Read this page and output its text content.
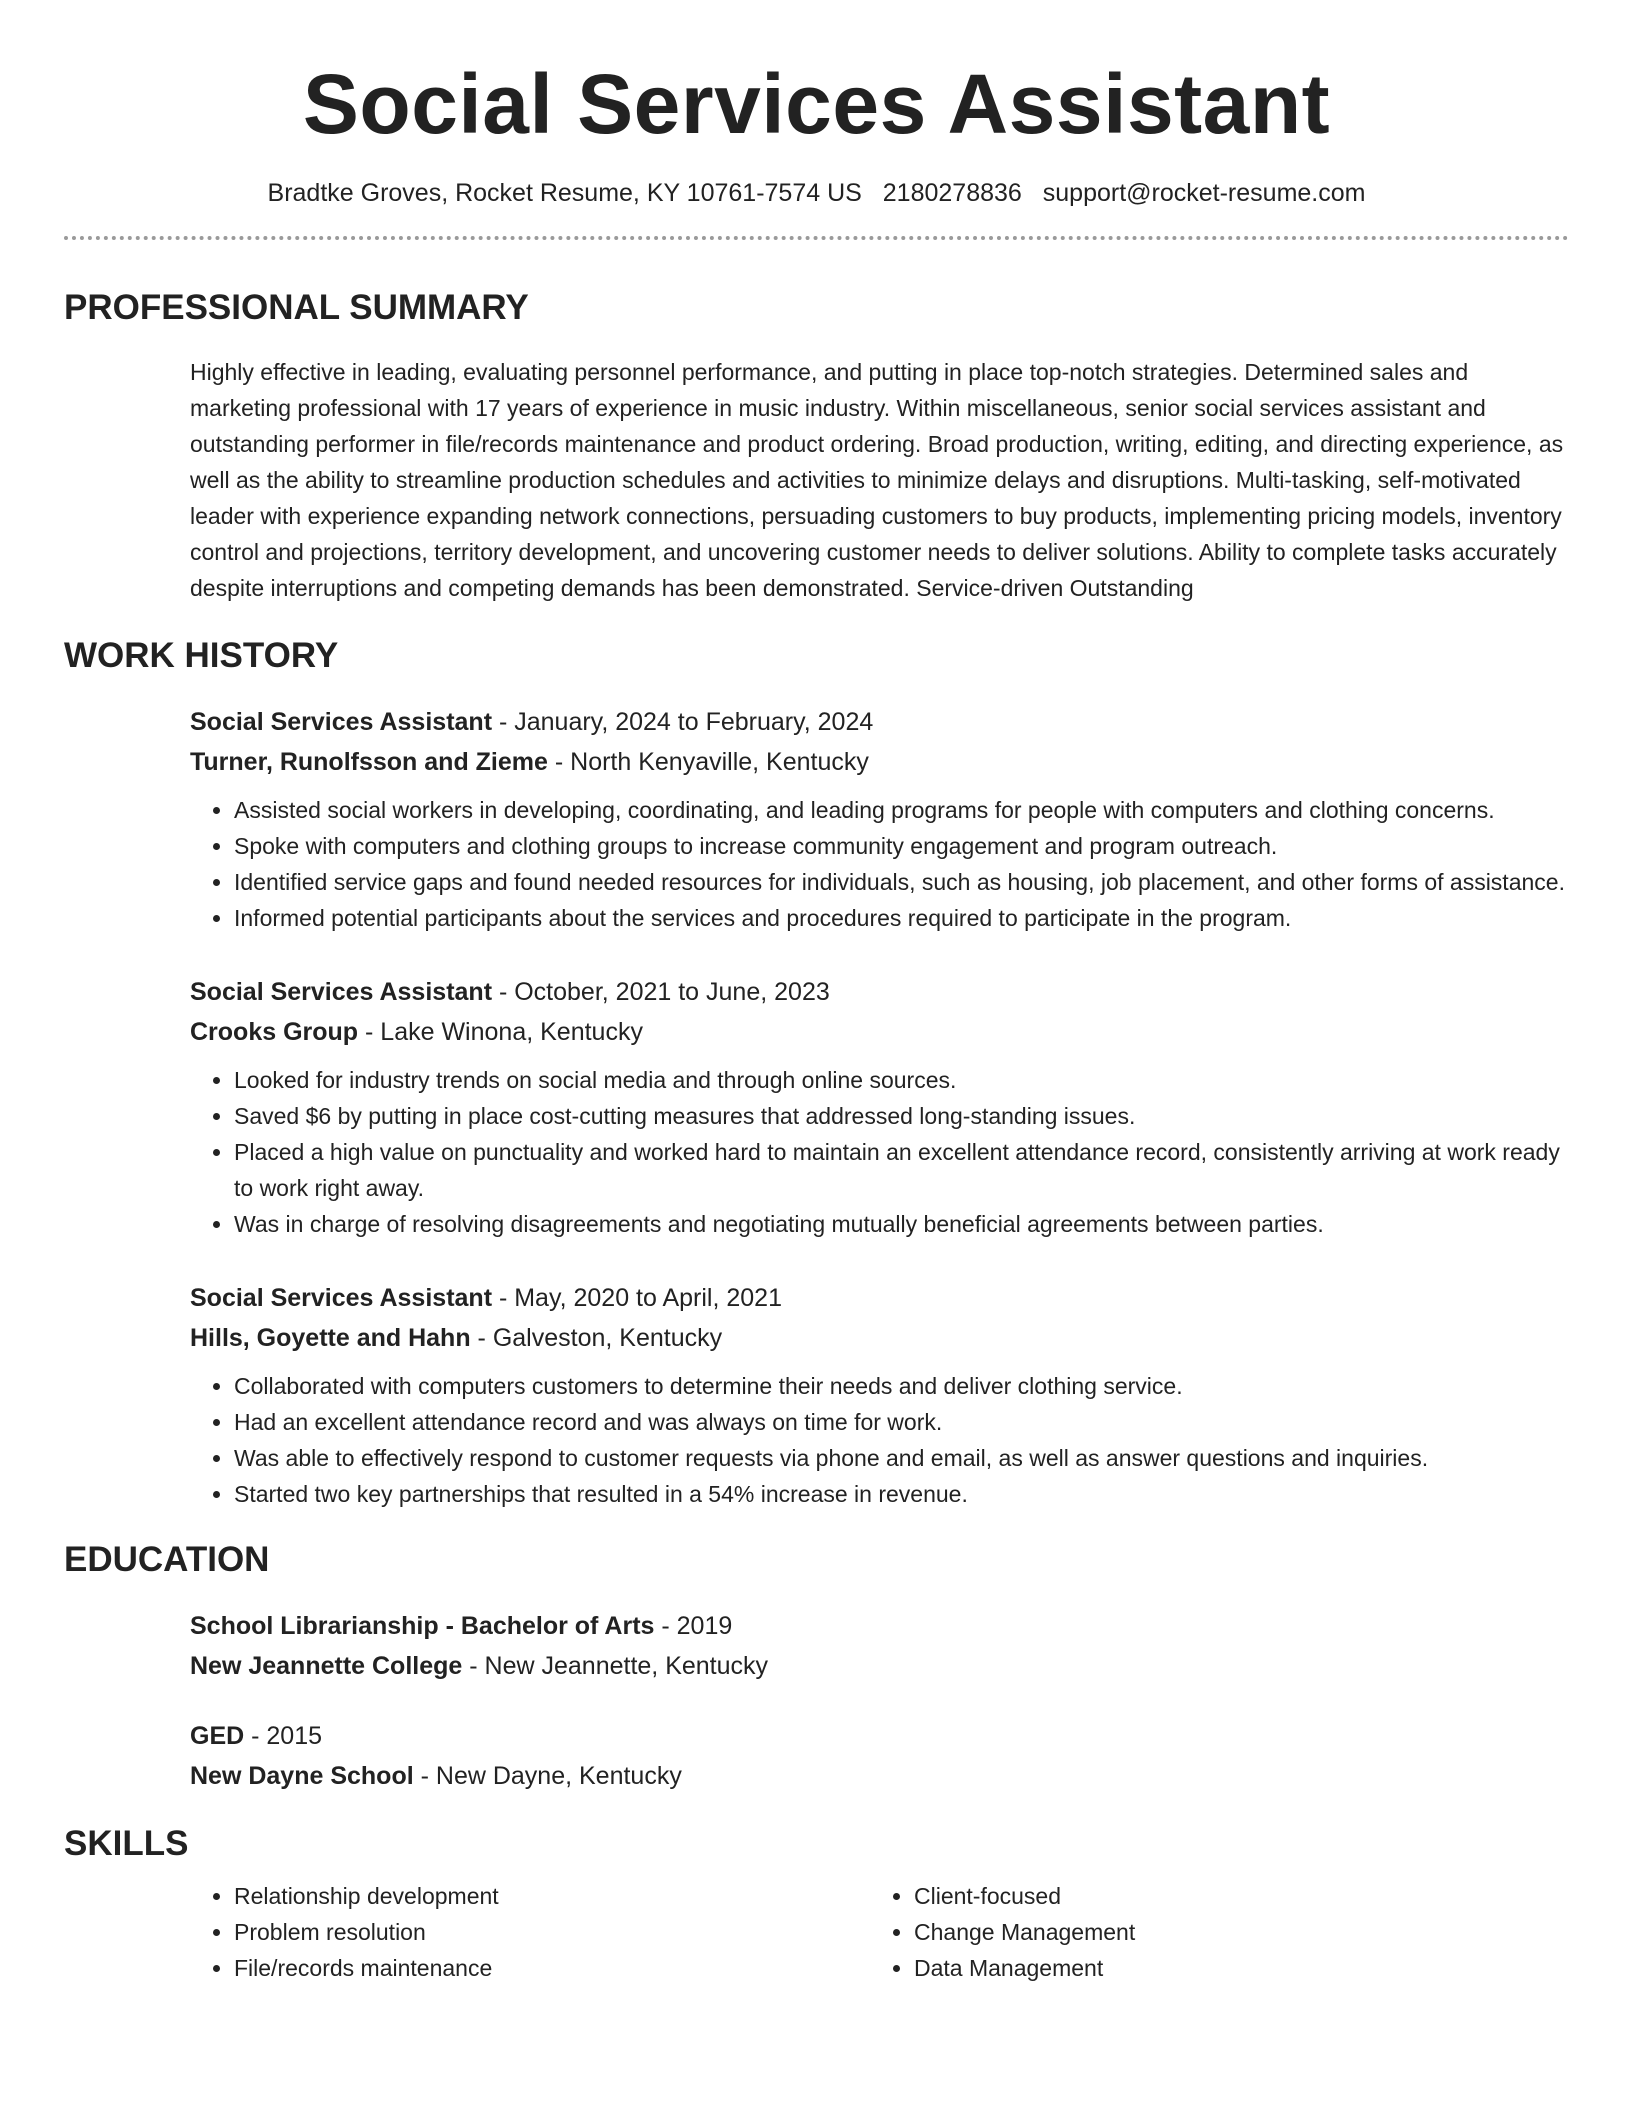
Social Services Assistant
Bradtke Groves, Rocket Resume, KY 10761-7574 US 2180278836 support@rocket-resume.com
PROFESSIONAL SUMMARY

Highly effective in leading, evaluating personnel performance, and putting in place top-notch strategies. Determined sales and marketing professional with 17 years of experience in music industry. Within miscellaneous, senior social services assistant and outstanding performer in file/records maintenance and product ordering. Broad production, writing, editing, and directing experience, as well as the ability to streamline production schedules and activities to minimize delays and disruptions. Multi-tasking, self-motivated leader with experience expanding network connections, persuading customers to buy products, implementing pricing models, inventory control and projections, territory development, and uncovering customer needs to deliver solutions. Ability to complete tasks accurately despite interruptions and competing demands has been demonstrated. Service-driven Outstanding

WORK HISTORY
Social Services Assistant - January, 2024 to February, 2024
Turner, Runolfsson and Zieme - North Kenyaville, Kentucky
• Assisted social workers in developing, coordinating, and leading programs for people with computers and clothing concerns.
• Spoke with computers and clothing groups to increase community engagement and program outreach.
• Identified service gaps and found needed resources for individuals, such as housing, job placement, and other forms of assistance.
• Informed potential participants about the services and procedures required to participate in the program.
Social Services Assistant - October, 2021 to June, 2023
Crooks Group - Lake Winona, Kentucky
• Looked for industry trends on social media and through online sources.
• Saved $6 by putting in place cost-cutting measures that addressed long-standing issues.
• Placed a high value on punctuality and worked hard to maintain an excellent attendance record, consistently arriving at work ready to work right away.
• Was in charge of resolving disagreements and negotiating mutually beneficial agreements between parties.
Social Services Assistant - May, 2020 to April, 2021
Hills, Goyette and Hahn - Galveston, Kentucky
• Collaborated with computers customers to determine their needs and deliver clothing service.
• Had an excellent attendance record and was always on time for work.
• Was able to effectively respond to customer requests via phone and email, as well as answer questions and inquiries.
• Started two key partnerships that resulted in a 54% increase in revenue.
EDUCATION
School Librarianship - Bachelor of Arts - 2019
New Jeannette College - New Jeannette, Kentucky
GED - 2015
New Dayne School - New Dayne, Kentucky
SKILLS
• Relationship development
• Problem resolution
• File/records maintenance
• Client-focused
• Change Management
• Data Management
